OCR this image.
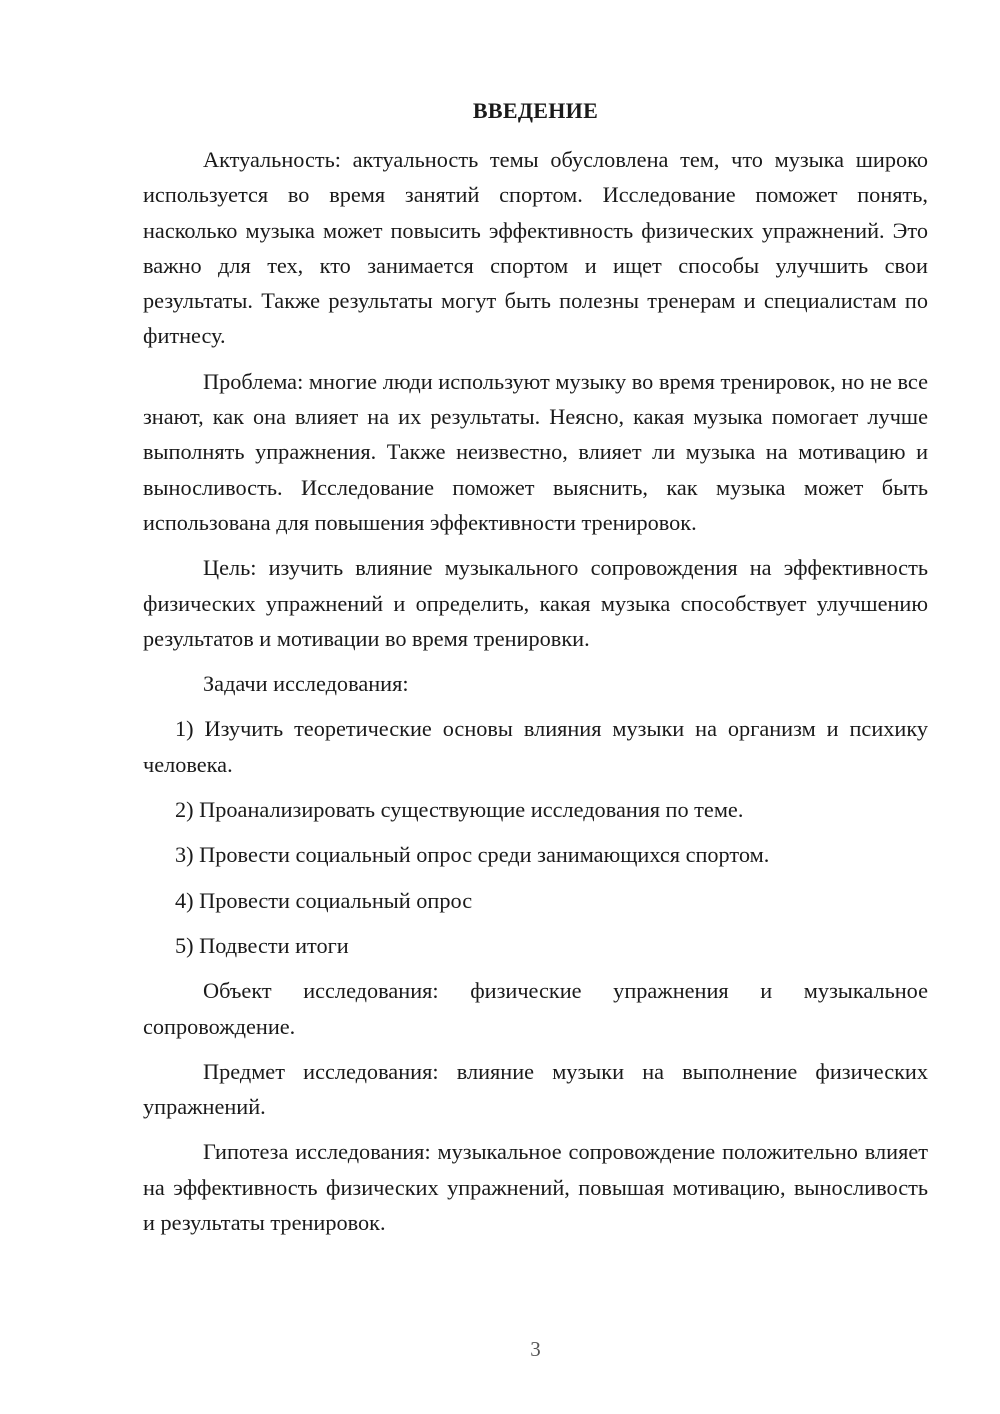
ВВЕДЕНИЕ

Актуальность: актуальность темы обусловлена тем, что музыка широко используется во время занятий спортом. Исследование поможет понять, насколько музыка может повысить эффективность физических упражнений. Это важно для тех, кто занимается спортом и ищет способы улучшить свои результаты. Также результаты могут быть полезны тренерам и специалистам по фитнесу.

Проблема: многие люди используют музыку во время тренировок, но не все знают, как она влияет на их результаты. Неясно, какая музыка помогает лучше выполнять упражнения. Также неизвестно, влияет ли музыка на мотивацию и выносливость. Исследование поможет выяснить, как музыка может быть использована для повышения эффективности тренировок.

Цель: изучить влияние музыкального сопровождения на эффективность физических упражнений и определить, какая музыка способствует улучшению результатов и мотивации во время тренировки.

Задачи исследования:

1) Изучить теоретические основы влияния музыки на организм и психику человека.

2) Проанализировать существующие исследования по теме.

3) Провести социальный опрос среди занимающихся спортом.

4) Провести социальный опрос

5) Подвести итоги

Объект исследования: физические упражнения и музыкальное сопровождение.

Предмет исследования: влияние музыки на выполнение физических упражнений.

Гипотеза исследования: музыкальное сопровождение положительно влияет на эффективность физических упражнений, повышая мотивацию, выносливость и результаты тренировок.

3
